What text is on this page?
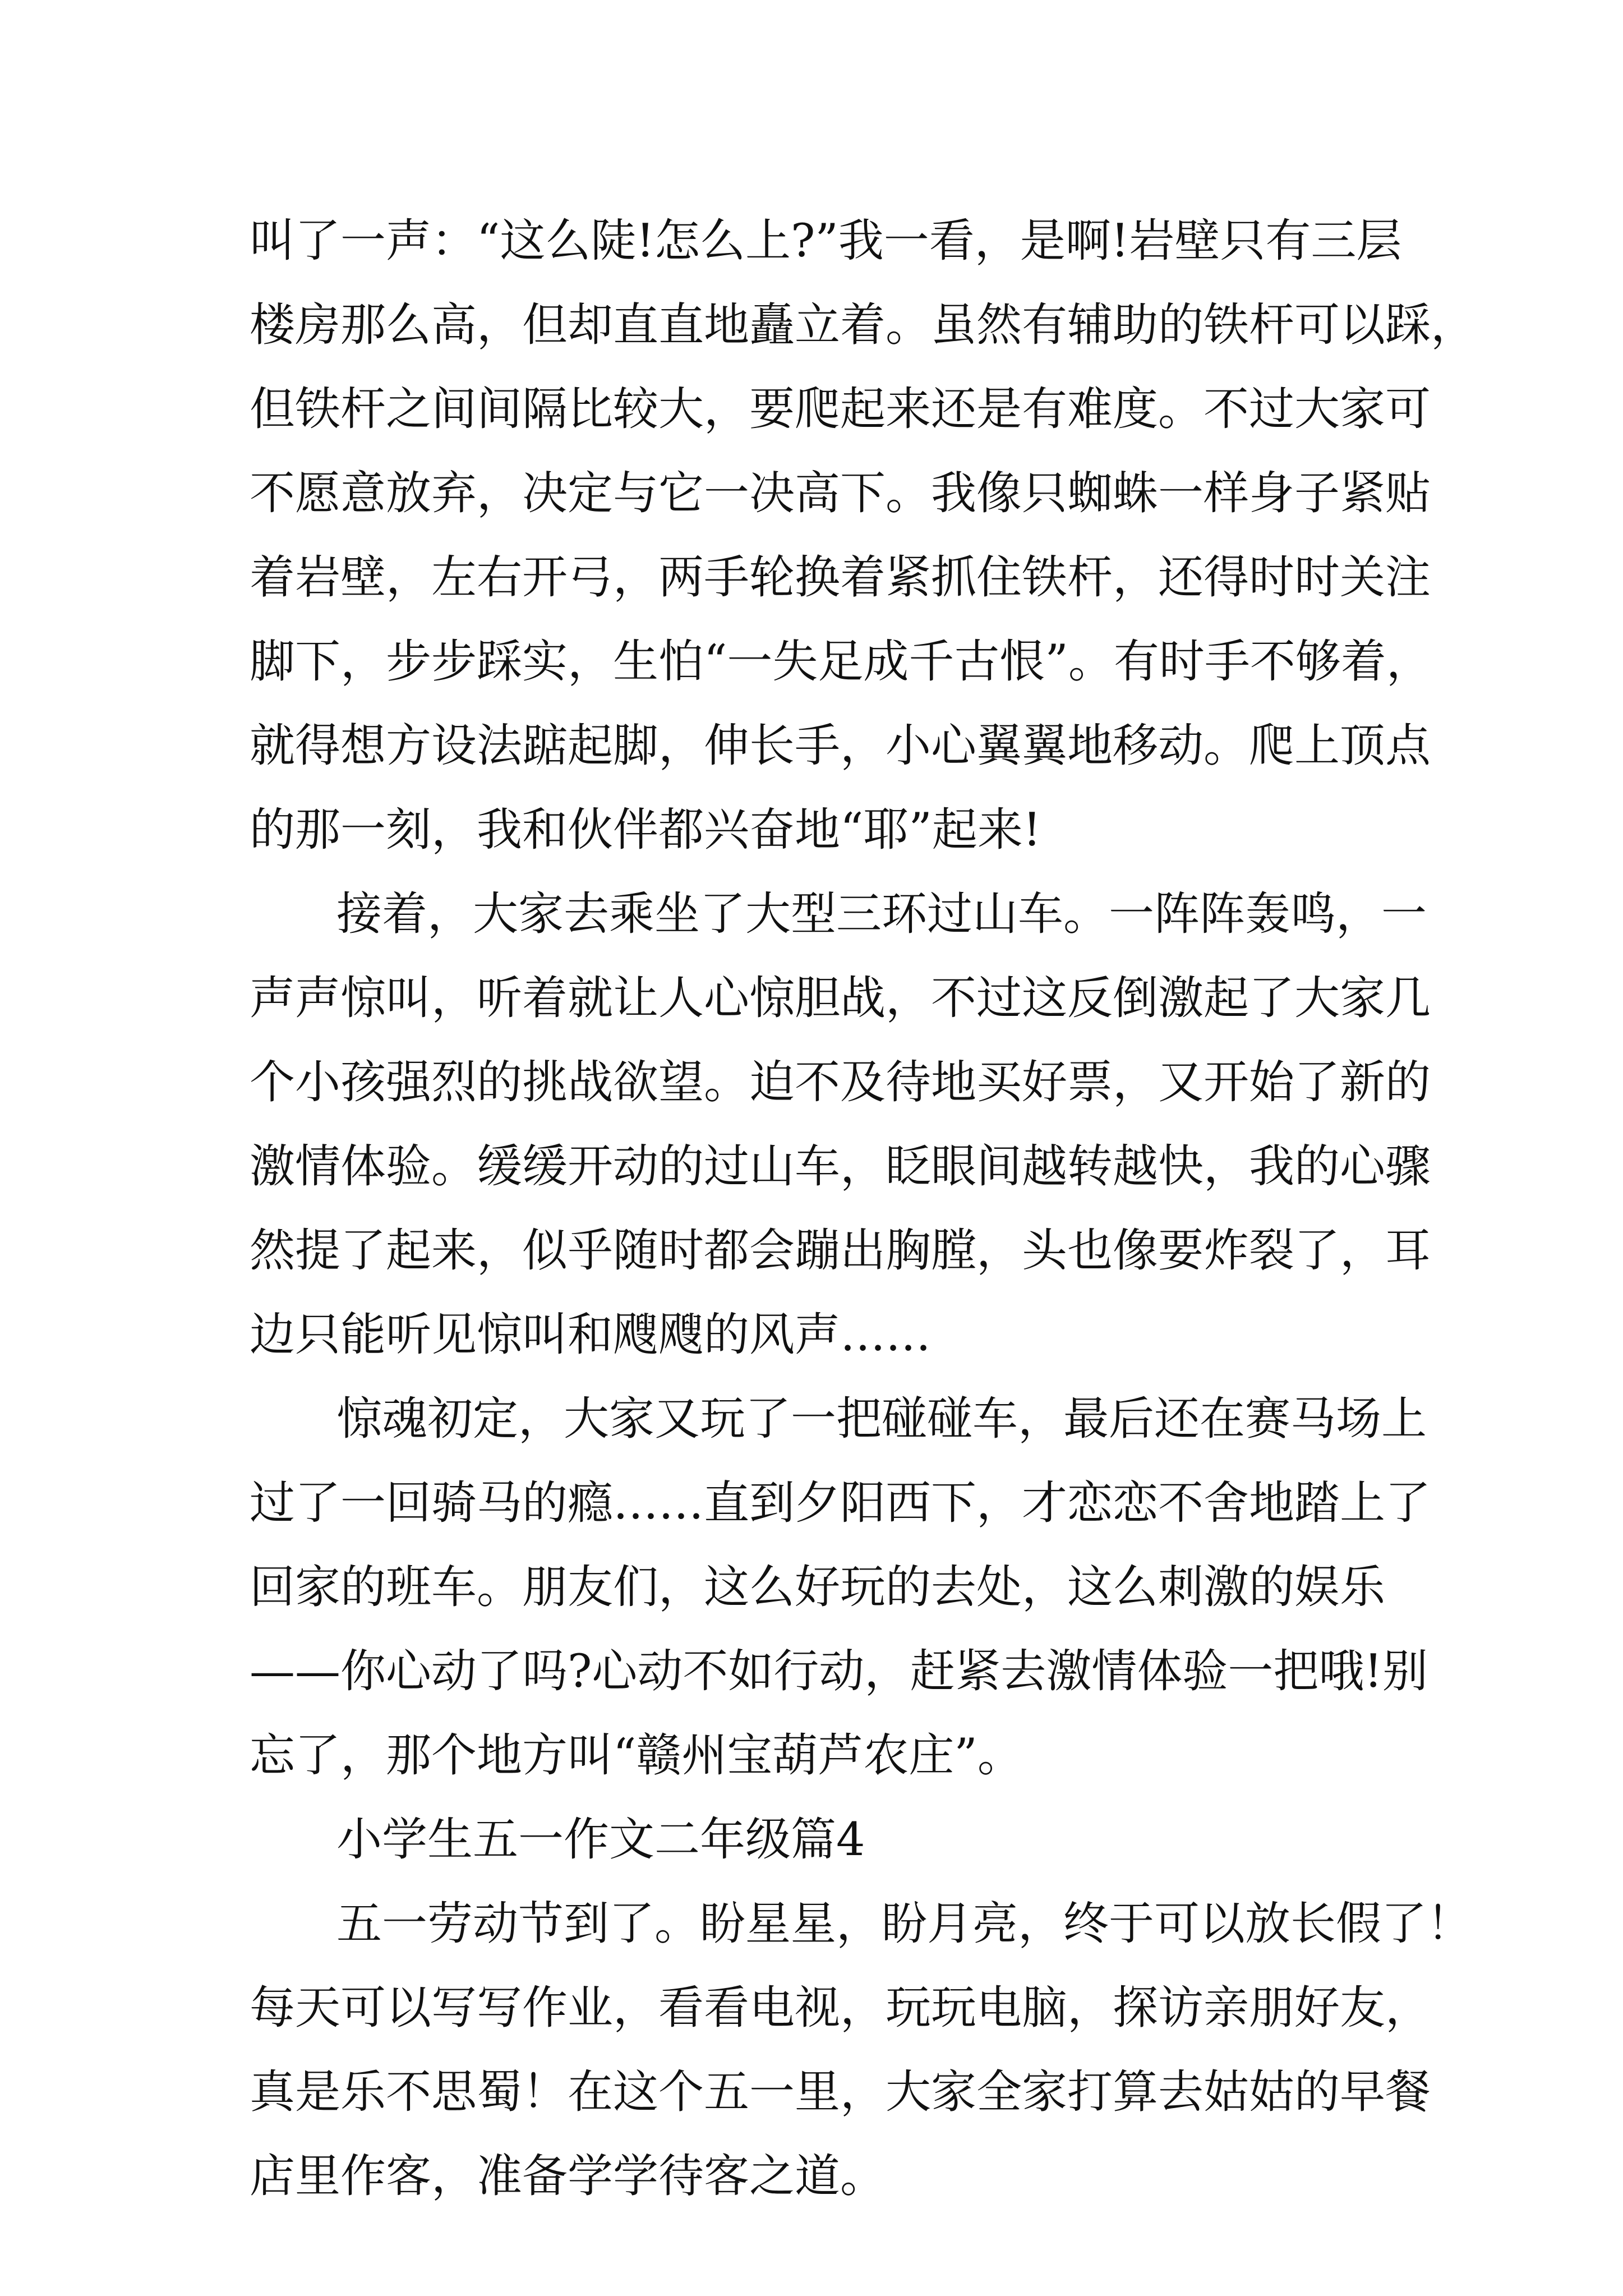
叫了一声：“这么陡!怎么上?”我一看，是啊!岩壁只有三层
楼房那么高，但却直直地矗立着。虽然有辅助的铁杆可以踩，
但铁杆之间间隔比较大，要爬起来还是有难度。不过大家可
不愿意放弃，决定与它一决高下。我像只蜘蛛一样身子紧贴
着岩壁，左右开弓，两手轮换着紧抓住铁杆，还得时时关注
脚下，步步踩实，生怕“一失足成千古恨”。有时手不够着，
就得想方设法踮起脚，伸长手，小心翼翼地移动。爬上顶点
的那一刻，我和伙伴都兴奋地“耶”起来!
接着，大家去乘坐了大型三环过山车。一阵阵轰鸣，一
声声惊叫，听着就让人心惊胆战，不过这反倒激起了大家几
个小孩强烈的挑战欲望。迫不及待地买好票，又开始了新的
激情体验。缓缓开动的过山车，眨眼间越转越快，我的心骤
然提了起来，似乎随时都会蹦出胸膛，头也像要炸裂了，耳
边只能听见惊叫和飕飕的风声……
惊魂初定，大家又玩了一把碰碰车，最后还在赛马场上
过了一回骑马的瘾……直到夕阳西下，才恋恋不舍地踏上了
回家的班车。朋友们，这么好玩的去处，这么刺激的娱乐
——你心动了吗?心动不如行动，赶紧去激情体验一把哦!别
忘了，那个地方叫“赣州宝葫芦农庄”。
小学生五一作文二年级篇4
五一劳动节到了。盼星星，盼月亮，终于可以放长假了！
每天可以写写作业，看看电视，玩玩电脑，探访亲朋好友，
真是乐不思蜀！在这个五一里，大家全家打算去姑姑的早餐
店里作客，准备学学待客之道。
